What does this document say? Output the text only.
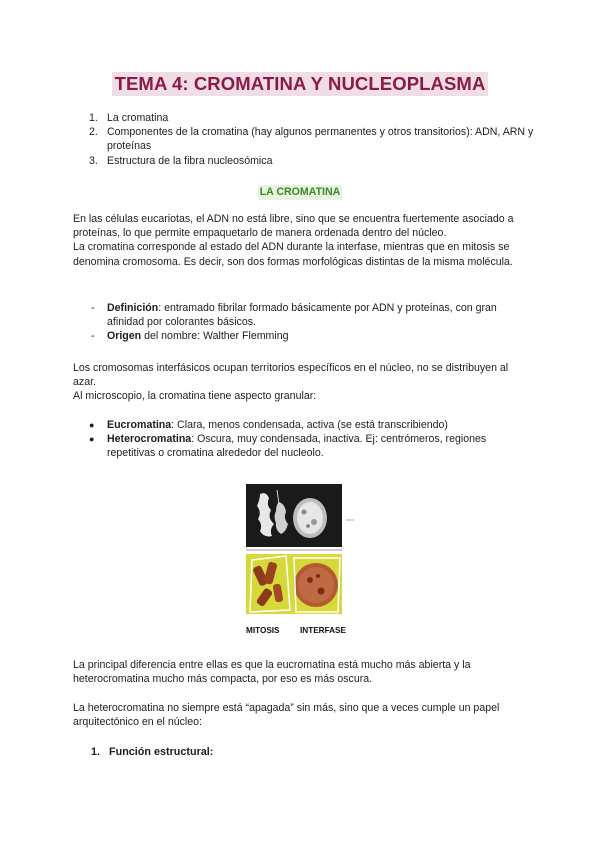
TEMA 4: CROMATINA Y NUCLEOPLASMA
1. La cromatina
2. Componentes de la cromatina (hay algunos permanentes y otros transitorios): ADN, ARN y proteínas
3. Estructura de la fibra nucleosómica
LA CROMATINA
En las células eucariotas, el ADN no está libre, sino que se encuentra fuertemente asociado a proteínas, lo que permite empaquetarlo de manera ordenada dentro del núcleo.
La cromatina corresponde al estado del ADN durante la interfase, mientras que en mitosis se denomina cromosoma. Es decir, son dos formas morfológicas distintas de la misma molécula.
-	Definición: entramado fibrilar formado básicamente por ADN y proteínas, con gran afinidad por colorantes básicos.
-	Origen del nombre: Walther Flemming
Los cromosomas interfásicos ocupan territorios específicos en el núcleo, no se distribuyen al azar.
Al microscopio, la cromatina tiene aspecto granular:
●	Eucromatina: Clara, menos condensada, activa (se está transcribiendo)
●	Heterocromatina: Oscura, muy condensada, inactiva. Ej: centrómeros, regiones repetitivas o cromatina alrededor del nucleolo.
MITOSIS INTERFASE
La principal diferencia entre ellas es que la eucromatina está mucho más abierta y la heterocromatina mucho más compacta, por eso es más oscura.
La heterocromatina no siempre está “apagada” sin más, sino que a veces cumple un papel arquitectónico en el núcleo:
1. Función estructural:
